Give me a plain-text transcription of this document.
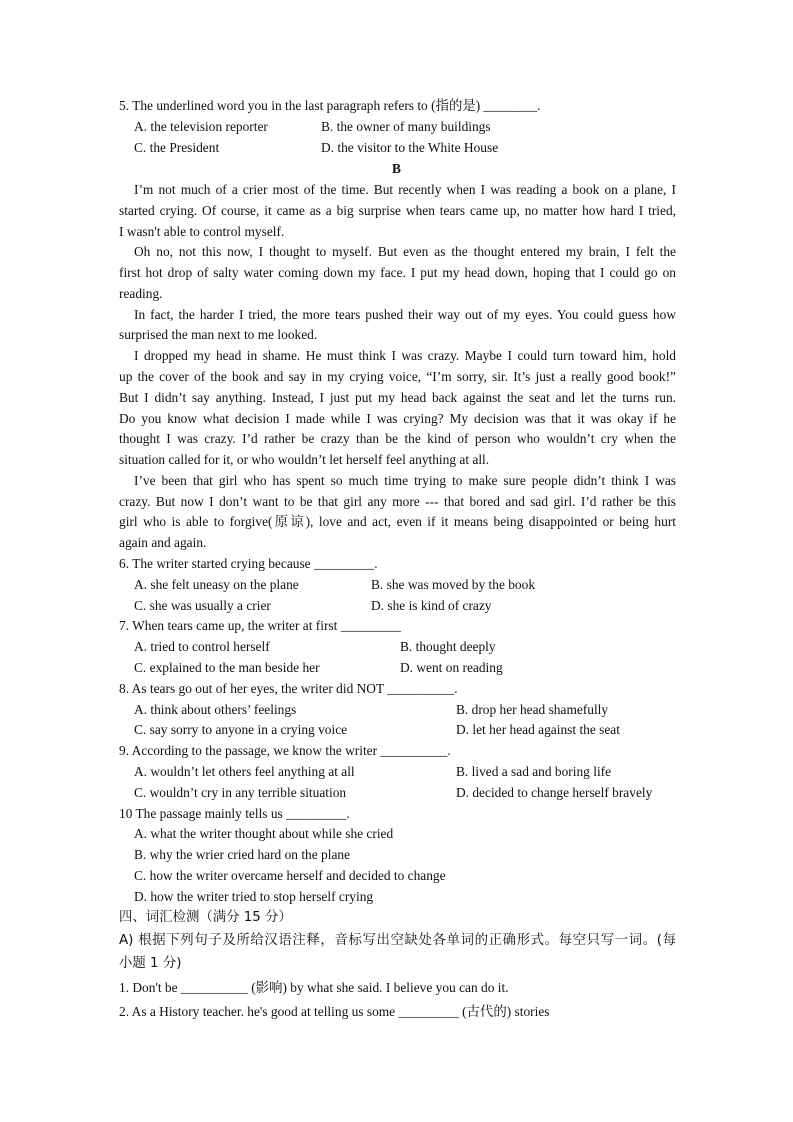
5. The underlined word you in the last paragraph refers to (指的是) ________.
A. the television reporter	B. the owner of many buildings
C. the President	D. the visitor to the White House
B
I’m not much of a crier most of the time. But recently when I was reading a book on a plane, I
started crying. Of course, it came as a big surprise when tears came up, no matter how hard I tried,
I wasn't able to control myself.
Oh no, not this now, I thought to myself. But even as the thought entered my brain, I felt the
first hot drop of salty water coming down my face. I put my head down, hoping that I could go on
reading.
In fact, the harder I tried, the more tears pushed their way out of my eyes. You could guess how
surprised the man next to me looked.
I dropped my head in shame. He must think I was crazy. Maybe I could turn toward him, hold
up the cover of the book and say in my crying voice, “I’m sorry, sir. It’s just a really good book!”
But I didn’t say anything. Instead, I just put my head back against the seat and let the turns run.
Do you know what decision I made while I was crying? My decision was that it was okay if he
thought I was crazy. I’d rather be crazy than be the kind of person who wouldn’t cry when the
situation called for it, or who wouldn’t let herself feel anything at all.
I’ve been that girl who has spent so much time trying to make sure people didn’t think I was
crazy. But now I don’t want to be that girl any more --- that bored and sad girl. I’d rather be this
girl who is able to forgive(原谅), love and act, even if it means being disappointed or being hurt
again and again.
6. The writer started crying because _________.
A. she felt uneasy on the plane	B. she was moved by the book
C. she was usually a crier	D. she is kind of crazy
7. When tears came up, the writer at first _________
A. tried to control herself	B. thought deeply
C. explained to the man beside her	D. went on reading
8. As tears go out of her eyes, the writer did NOT __________.
A. think about others’ feelings	B. drop her head shamefully
C. say sorry to anyone in a crying voice	D. let her head against the seat
9. According to the passage, we know the writer __________.
A. wouldn’t let others feel anything at all	B. lived a sad and boring life
C. wouldn’t cry in any terrible situation	D. decided to change herself bravely
10 The passage mainly tells us _________.
A. what the writer thought about while she cried
B. why the wrier cried hard on the plane
C. how the writer overcame herself and decided to change
D. how the writer tried to stop herself crying
四、词汇检测（满分 15 分）
A) 根据下列句子及所给汉语注释，音标写出空缺处各单词的正确形式。每空只写一词。(每
小题 1 分)
1. Don't be __________ (影响) by what she said. I believe you can do it.
2. As a History teacher. he's good at telling us some _________ (古代的) stories
